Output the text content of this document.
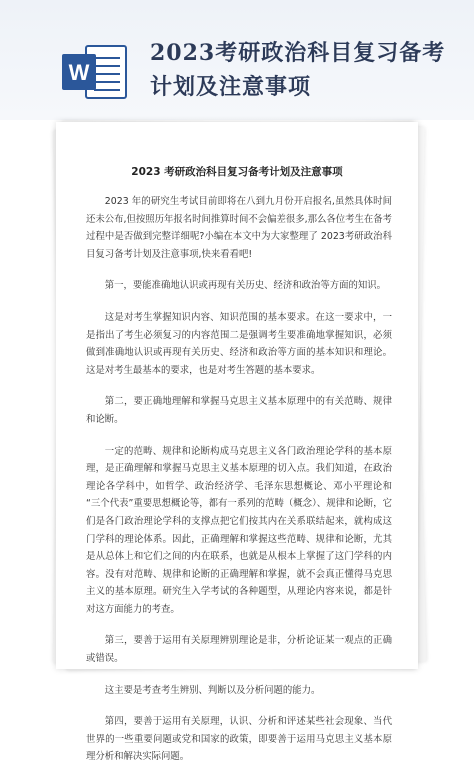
W
2023考研政治科目复习备考计划及注意事项
2023 考研政治科目复习备考计划及注意事项

2023 年的研究生考试目前即将在八到九月份开启报名,虽然具体时间还未公布,但按照历年报名时间推算时间不会偏差很多,那么各位考生在备考过程中是否做到完整详细呢?小编在本文中为大家整理了 2023考研政治科目复习备考计划及注意事项,快来看看吧!

第一，要能准确地认识或再现有关历史、经济和政治等方面的知识。

这是对考生掌握知识内容、知识范围的基本要求。在这一要求中，一是指出了考生必须复习的内容范围二是强调考生要准确地掌握知识，必须做到准确地认识或再现有关历史、经济和政治等方面的基本知识和理论。这是对考生最基本的要求，也是对考生答题的基本要求。

第二，要正确地理解和掌握马克思主义基本原理中的有关范畴、规律和论断。

一定的范畴、规律和论断构成马克思主义各门政治理论学科的基本原理，是正确理解和掌握马克思主义基本原理的切入点。我们知道，在政治理论各学科中，如哲学、政治经济学、毛泽东思想概论、邓小平理论和 “三个代表”重要思想概论等，都有一系列的范畴（概念）、规律和论断，它们是各门政治理论学科的支撑点把它们按其内在关系联结起来，就构成这门学科的理论体系。因此，正确理解和掌握这些范畴、规律和论断，尤其是从总体上和它们之间的内在联系，也就是从根本上掌握了这门学科的内容。没有对范畴、规律和论断的正确理解和掌握，就不会真正懂得马克思主义的基本原理。研究生入学考试的各种题型，从理论内容来说，都是针对这方面能力的考查。

第三，要善于运用有关原理辨别理论是非，分析论证某一观点的正确或错误。

这主要是考查考生辨别、判断以及分析问题的能力。

第四，要善于运用有关原理，认识、分析和评述某些社会现象、当代世界的一些重要问题或党和国家的政策，即要善于运用马克思主义基本原理分析和解决实际问题。
